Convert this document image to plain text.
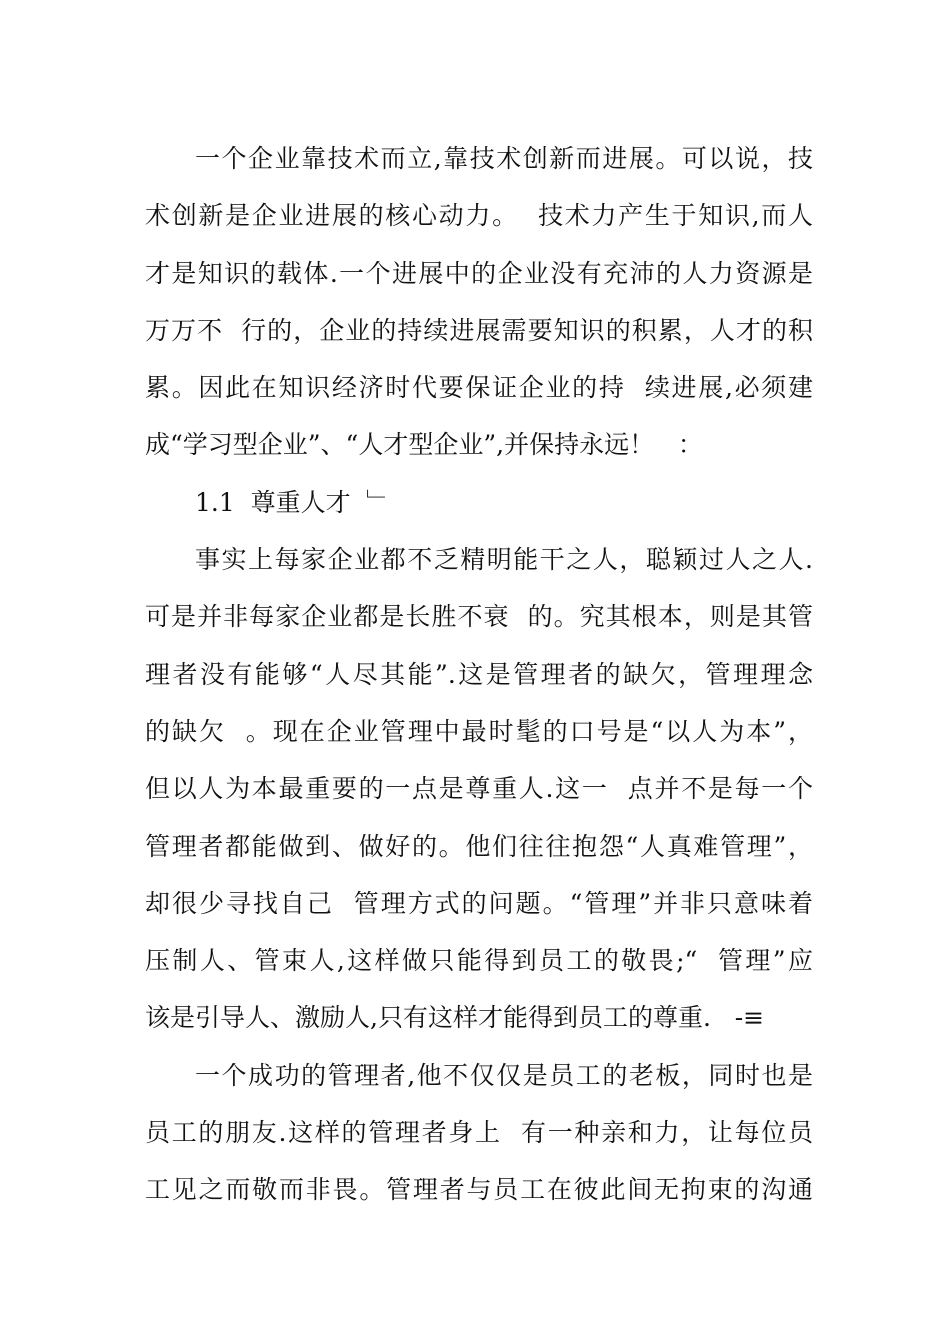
一个企业靠技术而立,靠技术创新而进展。可以说，技
术创新是企业进展的核心动力。  技术力产生于知识,而人
才是知识的载体.一个进展中的企业没有充沛的人力资源是
万万不  行的，企业的持续进展需要知识的积累，人才的积
累。因此在知识经济时代要保证企业的持  续进展,必须建
成“学习型企业”、“人才型企业”,并保持永远！   ：
1.1  尊重人才  ﹂
事实上每家企业都不乏精明能干之人，聪颖过人之人.
可是并非每家企业都是长胜不衰  的。究其根本，则是其管
理者没有能够“人尽其能”.这是管理者的缺欠，管理理念
的缺欠  。现在企业管理中最时髦的口号是“以人为本”，
但以人为本最重要的一点是尊重人.这一  点并不是每一个
管理者都能做到、做好的。他们往往抱怨“人真难管理”，
却很少寻找自己  管理方式的问题。“管理”并非只意味着
压制人、管束人,这样做只能得到员工的敬畏;“  管理”应
该是引导人、激励人,只有这样才能得到员工的尊重.   -≡
一个成功的管理者,他不仅仅是员工的老板，同时也是
员工的朋友.这样的管理者身上  有一种亲和力，让每位员
工见之而敬而非畏。管理者与员工在彼此间无拘束的沟通
